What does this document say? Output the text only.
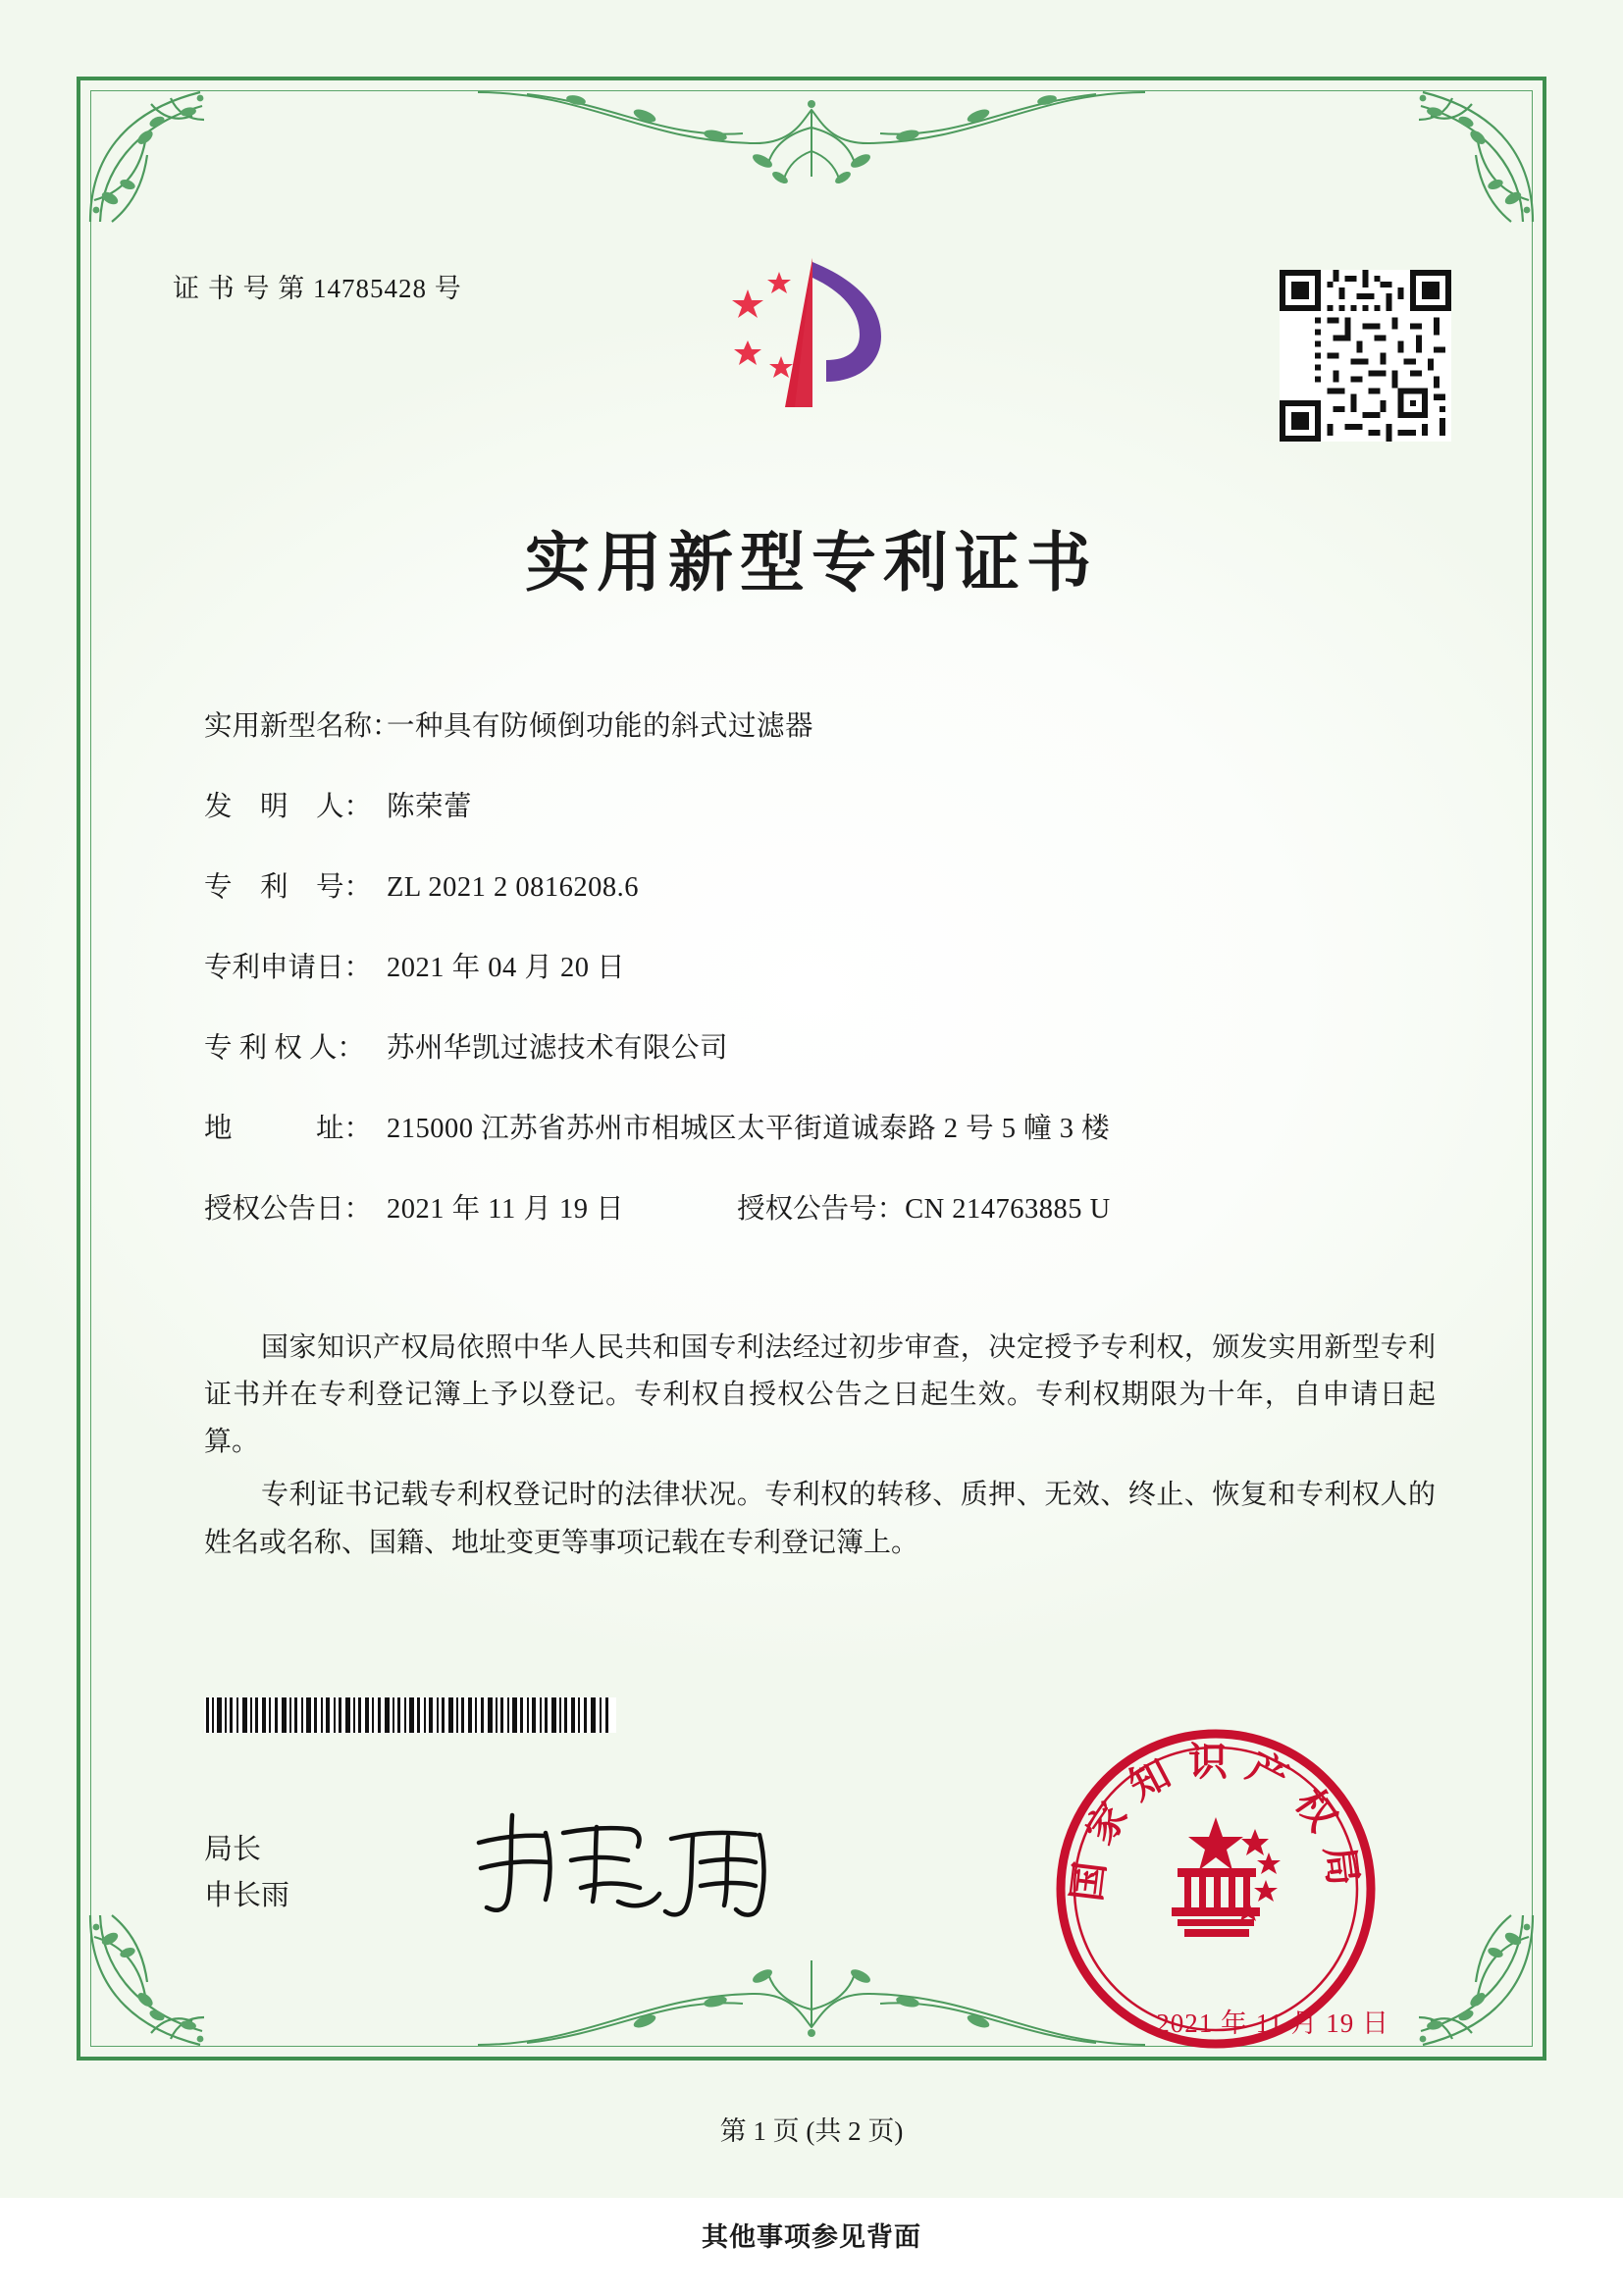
证 书 号 第 14785428 号
实用新型专利证书
实用新型名称：
一种具有防倾倒功能的斜式过滤器
发　明　人： 陈荣蕾
专　利　号： ZL 2021 2 0816208.6
专利申请日： 2021 年 04 月 20 日
专 利 权 人： 苏州华凯过滤技术有限公司
地　　　址： 215000 江苏省苏州市相城区太平街道诚泰路 2 号 5 幢 3 楼
授权公告日： 2021 年 11 月 19 日	授权公告号： CN 214763885 U

国家知识产权局依照中华人民共和国专利法经过初步审查，决定授予专利权，颁发实用新型专利证书并在专利登记簿上予以登记。专利权自授权公告之日起生效。专利权期限为十年，自申请日起算。

专利证书记载专利权登记时的法律状况。专利权的转移、质押、无效、终止、恢复和专利权人的姓名或名称、国籍、地址变更等事项记载在专利登记簿上。

局长
申长雨	国家知识产权局
2021 年 11 月 19 日
第 1 页 (共 2 页)
其他事项参见背面
